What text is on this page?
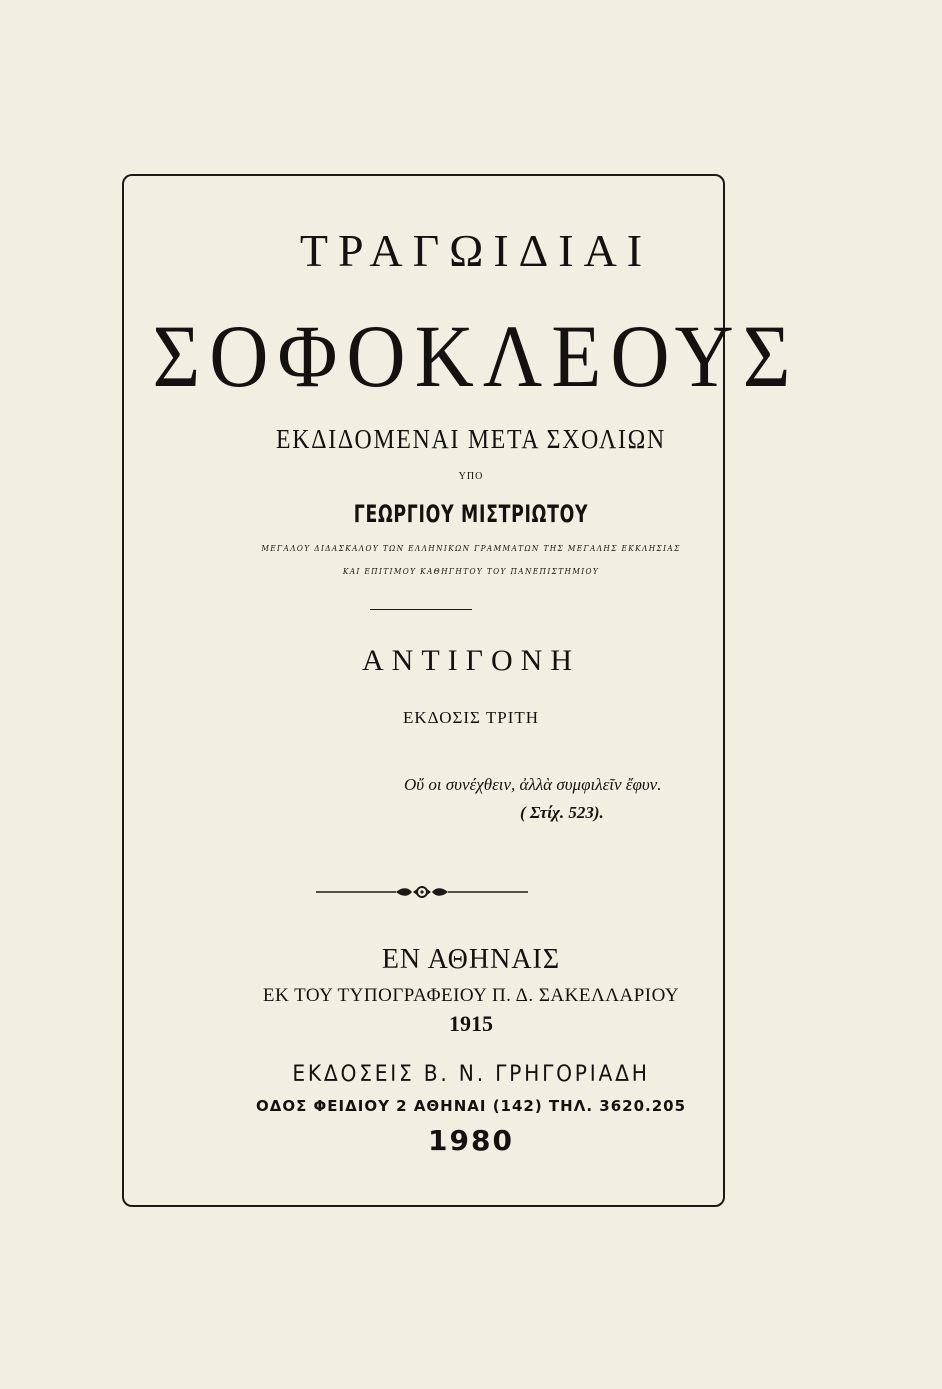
ΤΡΑΓΩΙΔΙΑΙ
ΣΟΦΟΚΛΕΟΥΣ
ΕΚΔΙΔΟΜΕΝΑΙ ΜΕΤΑ ΣΧΟΛΙΩΝ
ΥΠΟ
ΓΕΩΡΓΙΟΥ ΜΙΣΤΡΙΩΤΟΥ
ΜΕΓΑΛΟΥ ΔΙΔΑΣΚΑΛΟΥ ΤΩΝ ΕΛΛΗΝΙΚΩΝ ΓΡΑΜΜΑΤΩΝ ΤΗΣ ΜΕΓΑΛΗΣ ΕΚΚΛΗΣΙΑΣ
ΚΑΙ ΕΠΙΤΙΜΟΥ ΚΑΘΗΓΗΤΟΥ ΤΟΥ ΠΑΝΕΠΙΣΤΗΜΙΟΥ
ΑΝΤΙΓΟΝΗ
ΕΚΔΟΣΙΣ ΤΡΙΤΗ
Οὔ οι συνέχθειν, ἀλλὰ συμφιλεῖν ἔφυν.
( Στίχ. 523).
ΕΝ ΑΘΗΝΑΙΣ
ΕΚ ΤΟΥ ΤΥΠΟΓΡΑΦΕΙΟΥ Π. Δ. ΣΑΚΕΛΛΑΡΙΟΥ
1915
ΕΚΔΟΣΕΙΣ Β. Ν. ΓΡΗΓΟΡΙΑΔΗ
ΟΔΟΣ ΦΕΙΔΙΟΥ 2 ΑΘΗΝΑΙ (142) ΤΗΛ. 3620.205
1980
